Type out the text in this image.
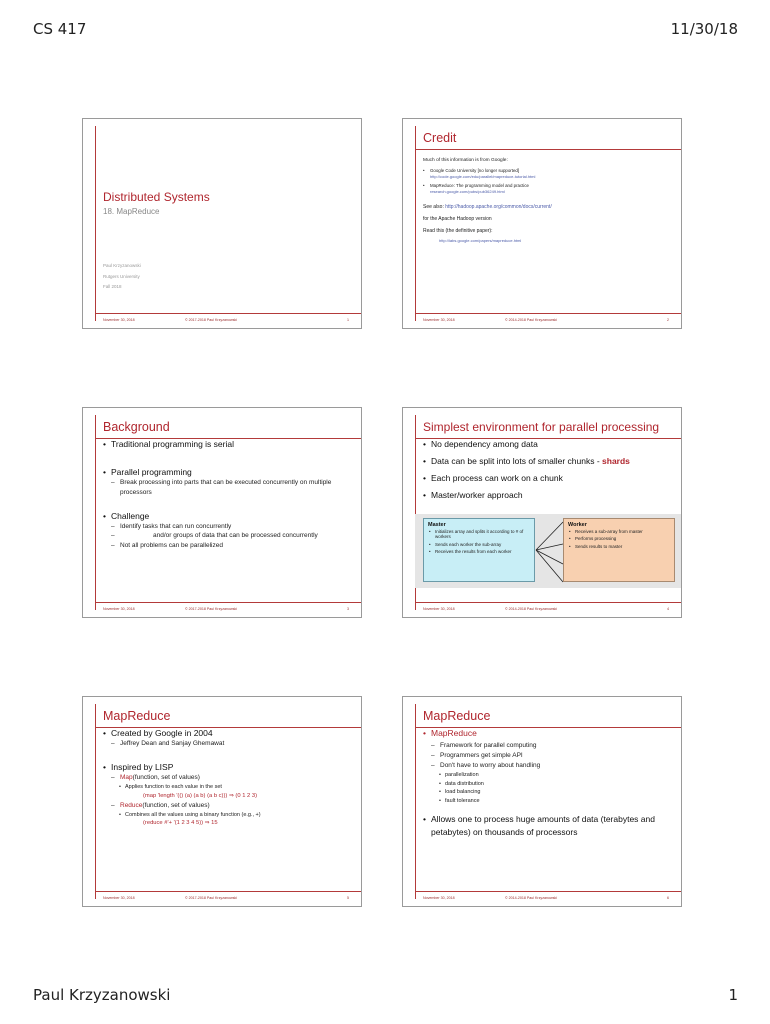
CS 417	11/30/18
Distributed Systems
18. MapReduce
Paul Krzyzanowski
Rutgers University
Fall 2018
November 30, 2018	© 2017-2018 Paul Krzyzanowski	1
Credit
Much of this information is from Google:
• Google Code University [no longer supported]
http://code.google.com/edu/parallel/mapreduce-tutorial.html
• MapReduce: The programming model and practice
research.google.com/pubs/pub36249.html
See also: http://hadoop.apache.org/common/docs/current/
for the Apache Hadoop version
Read this (the definitive paper):
http://labs.google.com/papers/mapreduce.html
November 30, 2018	© 2014-2018 Paul Krzyzanowski	2
Background
• Traditional programming is serial
• Parallel programming
– Break processing into parts that can be executed concurrently on multiple processors
• Challenge
– Identify tasks that can run concurrently
– and/or groups of data that can be processed concurrently
– Not all problems can be parallelized
November 30, 2018	© 2017-2018 Paul Krzyzanowski	3
Simplest environment for parallel processing
• No dependency among data
• Data can be split into lots of smaller chunks - shards
• Each process can work on a chunk
• Master/worker approach
Master
• Initializes array and splits it according to # of workers
• Sends each worker the sub-array
• Receives the results from each worker
Worker
• Receives a sub-array from master
• Performs processing
• Sends results to master
November 30, 2018	© 2014-2018 Paul Krzyzanowski	4
MapReduce
• Created by Google in 2004
– Jeffrey Dean and Sanjay Ghemawat
• Inspired by LISP
– Map(function, set of values)
• Applies function to each value in the set
(map 'length '(() (a) (a b) (a b c))) ⇒ (0 1 2 3)
– Reduce(function, set of values)
• Combines all the values using a binary function (e.g., +)
(reduce #'+ '(1 2 3 4 5)) ⇒ 15
November 30, 2018	© 2017-2018 Paul Krzyzanowski	5
MapReduce
• MapReduce
– Framework for parallel computing
– Programmers get simple API
– Don't have to worry about handling
• parallelization
• data distribution
• load balancing
• fault tolerance
• Allows one to process huge amounts of data (terabytes and petabytes) on thousands of processors
November 30, 2018	© 2014-2018 Paul Krzyzanowski	6
Paul Krzyzanowski	1
